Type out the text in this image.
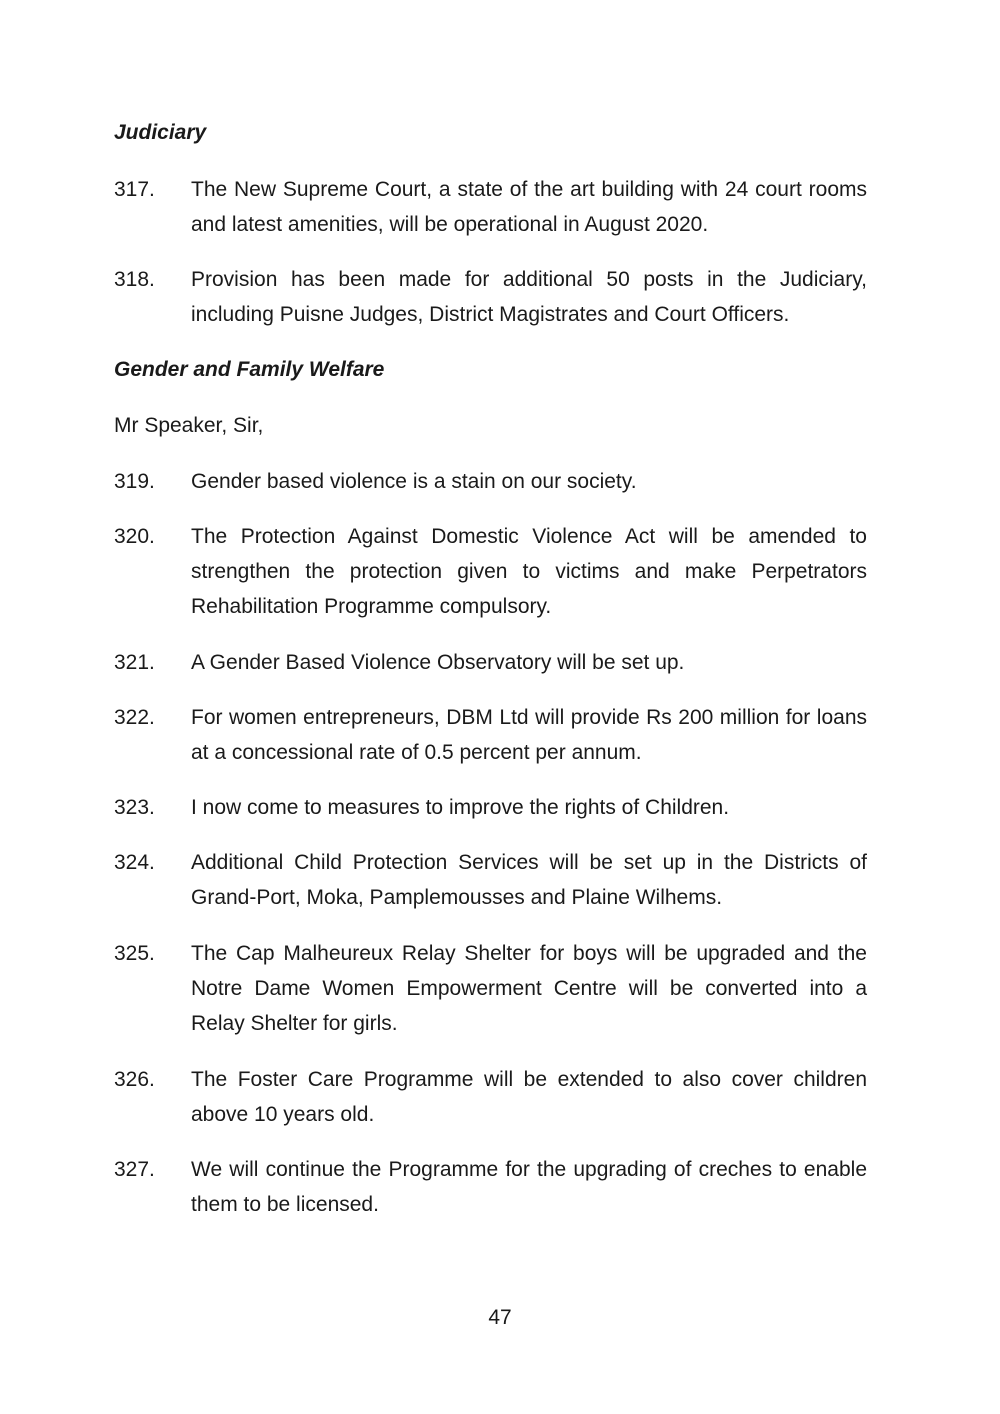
Judiciary
317.	The New Supreme Court, a state of the art building with 24 court rooms and latest amenities, will be operational in August 2020.
318.	Provision has been made for additional 50 posts in the Judiciary, including Puisne Judges, District Magistrates and Court Officers.
Gender and Family Welfare

Mr Speaker, Sir,

319.	Gender based violence is a stain on our society.
320.	The Protection Against Domestic Violence Act will be amended to strengthen the protection given to victims and make Perpetrators Rehabilitation Programme compulsory.
321.	A Gender Based Violence Observatory will be set up.
322.	For women entrepreneurs, DBM Ltd will provide Rs 200 million for loans at a concessional rate of 0.5 percent per annum.
323.	I now come to measures to improve the rights of Children.
324.	Additional Child Protection Services will be set up in the Districts of Grand-Port, Moka, Pamplemousses and Plaine Wilhems.
325.	The Cap Malheureux Relay Shelter for boys will be upgraded and the Notre Dame Women Empowerment Centre will be converted into a Relay Shelter for girls.
326.	The Foster Care Programme will be extended to also cover children above 10 years old.
327.	We will continue the Programme for the upgrading of creches to enable them to be licensed.
47
